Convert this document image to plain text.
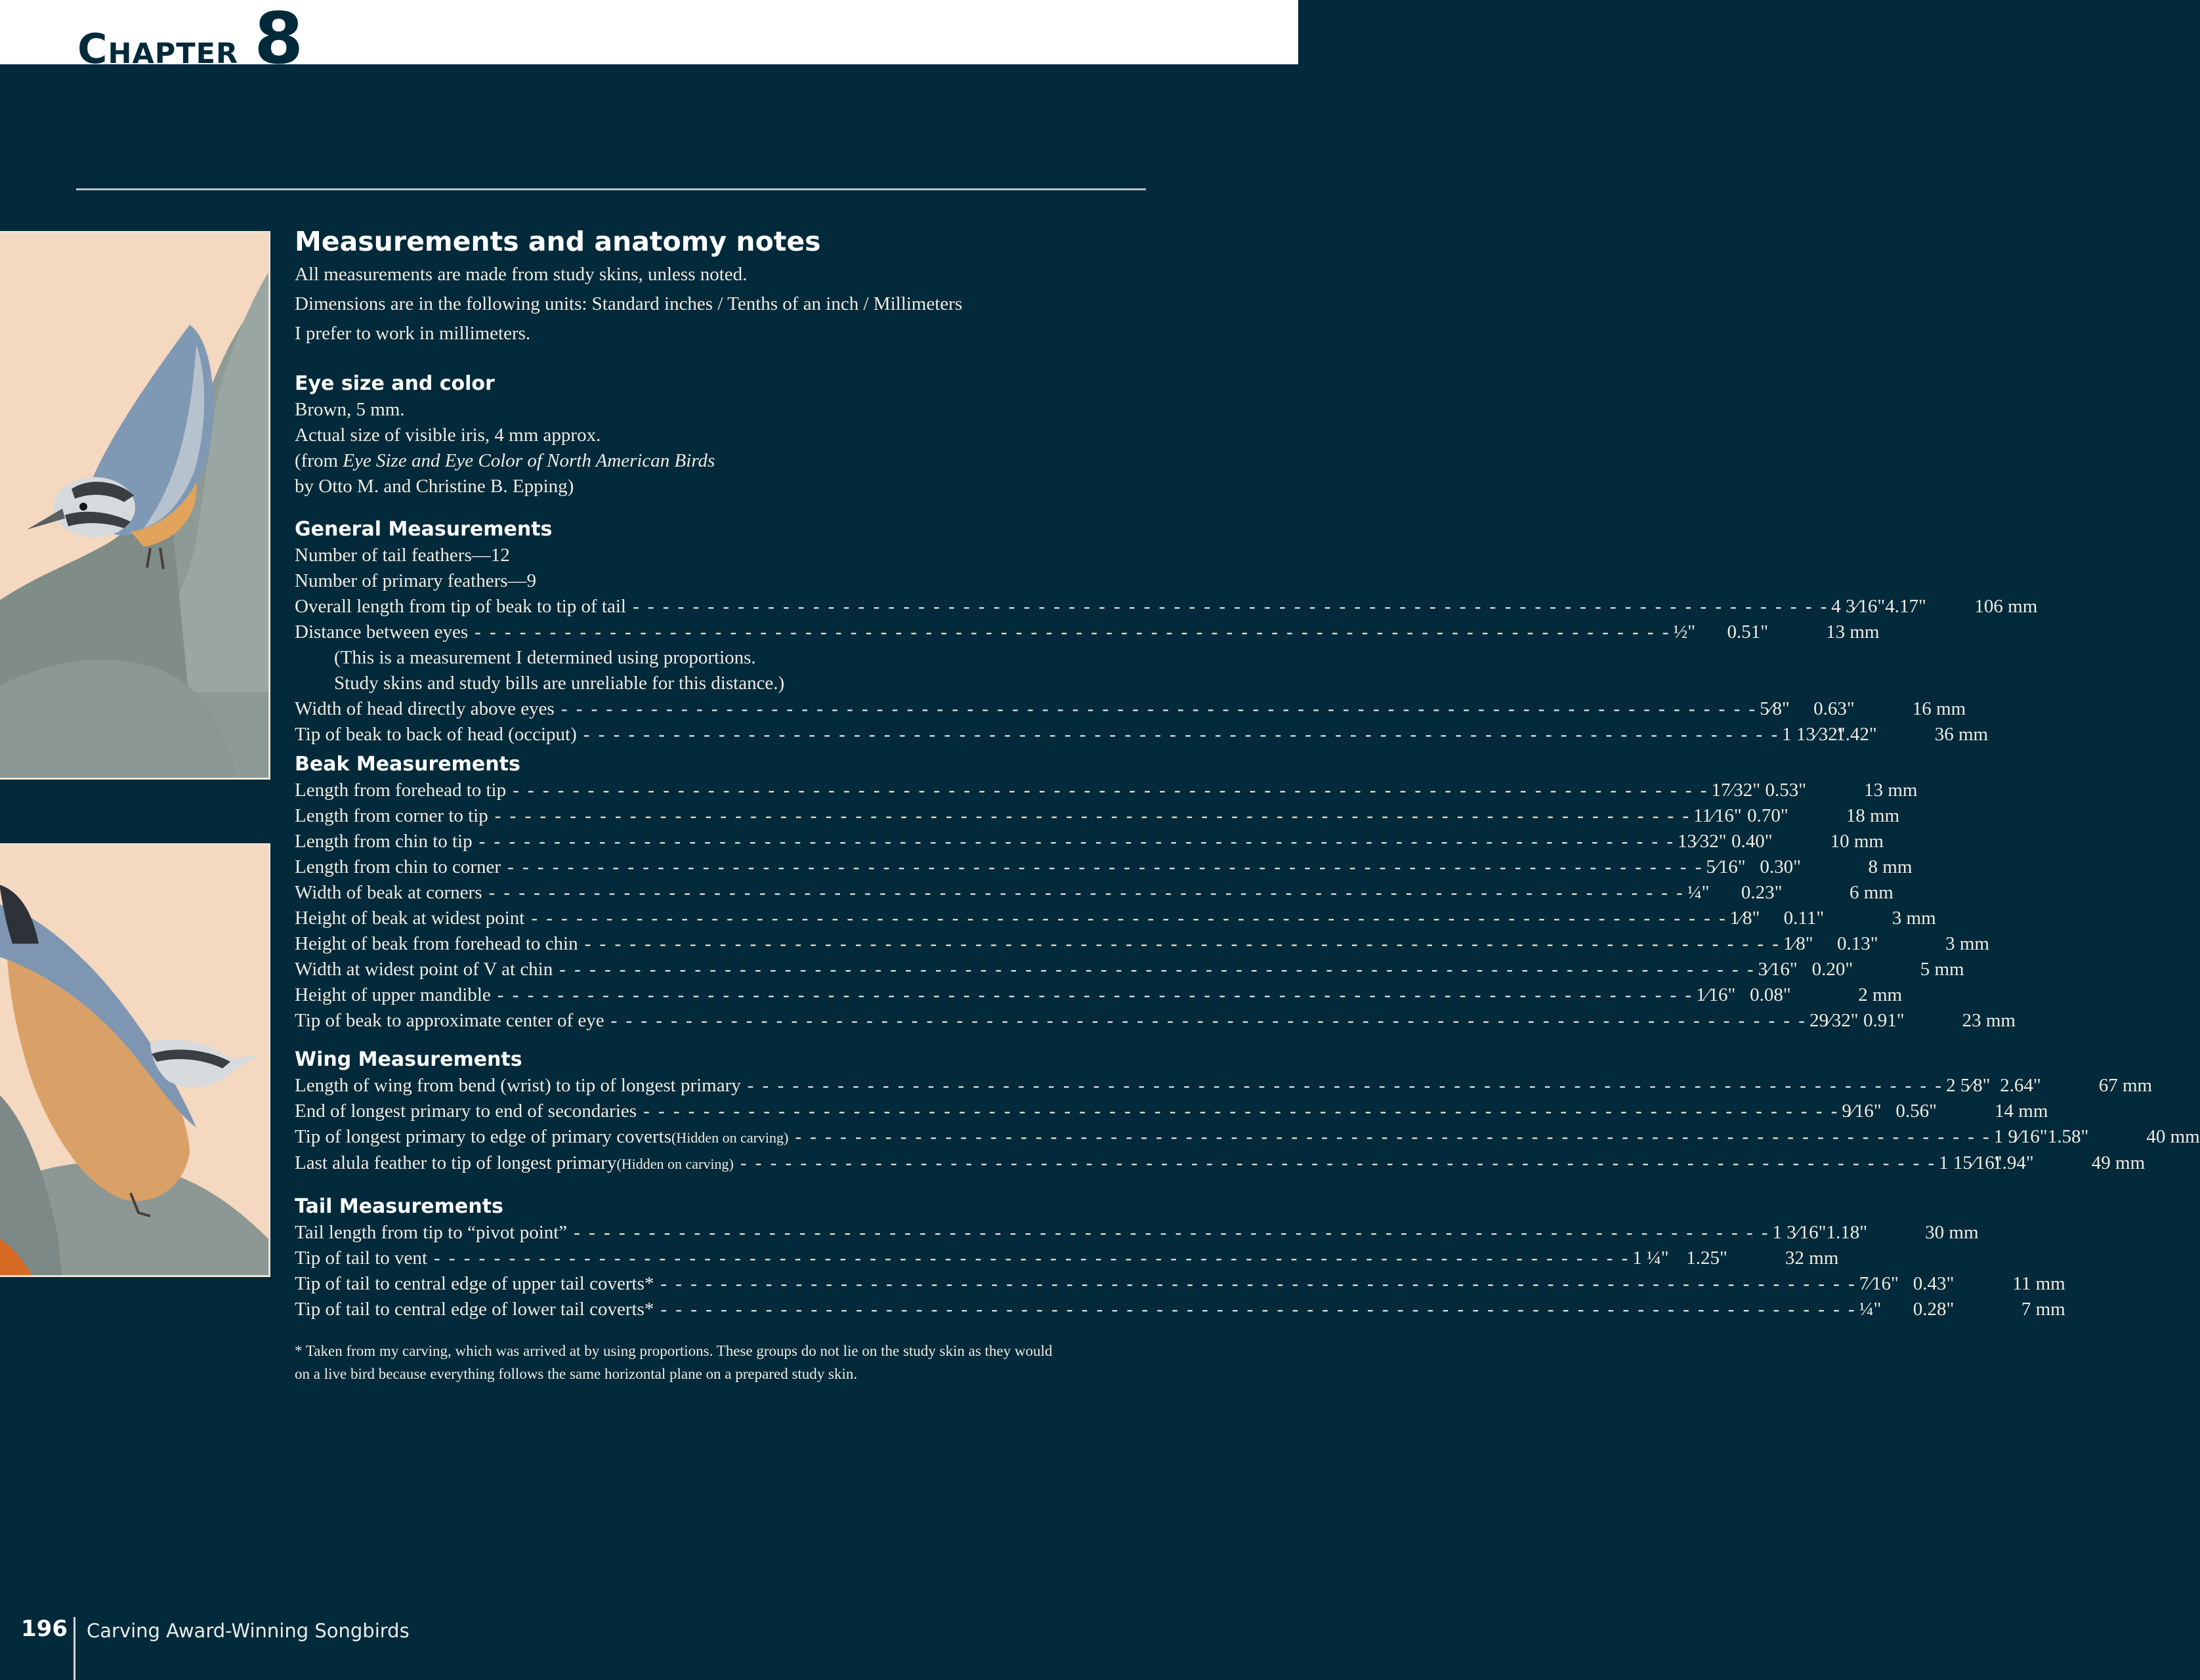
Chapter 8
Measurements and anatomy notes

All measurements are made from study skins, unless noted.

Dimensions are in the following units: Standard inches / Tenths of an inch / Millimeters

I prefer to work in millimeters.

Eye size and color

Brown, 5 mm.

Actual size of visible iris, 4 mm approx.

(from Eye Size and Eye Color of North American Birds

by Otto M. and Christine B. Epping)

General Measurements

Number of tail feathers—12

Number of primary feathers—9

Overall length from tip of beak to tip of tail - - - - - - - - - - - - - - - - - - - - - - - - - - - - - - - - - - - - - - - - - - - - - - - - - - - - - - - - - - - - - - - - - - - - - - - - - - - - - - - - 4 3⁄16"4.17"	106 mm
Distance between eyes - - - - - - - - - - - - - - - - - - - - - - - - - - - - - - - - - - - - - - - - - - - - - - - - - - - - - - - - - - - - - - - - - - - - - - - - - - - - - - - - ½" 0.51"	13 mm

(This is a measurement I determined using proportions.

Study skins and study bills are unreliable for this distance.)

Width of head directly above eyes - - - - - - - - - - - - - - - - - - - - - - - - - - - - - - - - - - - - - - - - - - - - - - - - - - - - - - - - - - - - - - - - - - - - - - - - - - - - - - - - 5⁄8" 0.63"	16 mm
Tip of beak to back of head (occiput) - - - - - - - - - - - - - - - - - - - - - - - - - - - - - - - - - - - - - - - - - - - - - - - - - - - - - - - - - - - - - - - - - - - - - - - - - - - - - - - - 1 13⁄32"1.42"	36 mm
Beak Measurements
Length from forehead to tip - - - - - - - - - - - - - - - - - - - - - - - - - - - - - - - - - - - - - - - - - - - - - - - - - - - - - - - - - - - - - - - - - - - - - - - - - - - - - - - - 17⁄32" 0.53"	13 mm
Length from corner to tip - - - - - - - - - - - - - - - - - - - - - - - - - - - - - - - - - - - - - - - - - - - - - - - - - - - - - - - - - - - - - - - - - - - - - - - - - - - - - - - - 11⁄16" 0.70"	18 mm
Length from chin to tip - - - - - - - - - - - - - - - - - - - - - - - - - - - - - - - - - - - - - - - - - - - - - - - - - - - - - - - - - - - - - - - - - - - - - - - - - - - - - - - - 13⁄32" 0.40"	10 mm
Length from chin to corner - - - - - - - - - - - - - - - - - - - - - - - - - - - - - - - - - - - - - - - - - - - - - - - - - - - - - - - - - - - - - - - - - - - - - - - - - - - - - - - - 5⁄16" 0.30"	8 mm
Width of beak at corners - - - - - - - - - - - - - - - - - - - - - - - - - - - - - - - - - - - - - - - - - - - - - - - - - - - - - - - - - - - - - - - - - - - - - - - - - - - - - - - - ¼" 0.23"	6 mm
Height of beak at widest point - - - - - - - - - - - - - - - - - - - - - - - - - - - - - - - - - - - - - - - - - - - - - - - - - - - - - - - - - - - - - - - - - - - - - - - - - - - - - - - - 1⁄8" 0.11"	3 mm
Height of beak from forehead to chin - - - - - - - - - - - - - - - - - - - - - - - - - - - - - - - - - - - - - - - - - - - - - - - - - - - - - - - - - - - - - - - - - - - - - - - - - - - - - - - - 1⁄8" 0.13"	3 mm
Width at widest point of V at chin - - - - - - - - - - - - - - - - - - - - - - - - - - - - - - - - - - - - - - - - - - - - - - - - - - - - - - - - - - - - - - - - - - - - - - - - - - - - - - - - 3⁄16" 0.20"	5 mm
Height of upper mandible - - - - - - - - - - - - - - - - - - - - - - - - - - - - - - - - - - - - - - - - - - - - - - - - - - - - - - - - - - - - - - - - - - - - - - - - - - - - - - - - 1⁄16" 0.08"	2 mm
Tip of beak to approximate center of eye - - - - - - - - - - - - - - - - - - - - - - - - - - - - - - - - - - - - - - - - - - - - - - - - - - - - - - - - - - - - - - - - - - - - - - - - - - - - - - - - 29⁄32" 0.91"	23 mm
Wing Measurements
Length of wing from bend (wrist) to tip of longest primary - - - - - - - - - - - - - - - - - - - - - - - - - - - - - - - - - - - - - - - - - - - - - - - - - - - - - - - - - - - - - - - - - - - - - - - - - - - - - - - - 2 5⁄8" 2.64"	67 mm
End of longest primary to end of secondaries - - - - - - - - - - - - - - - - - - - - - - - - - - - - - - - - - - - - - - - - - - - - - - - - - - - - - - - - - - - - - - - - - - - - - - - - - - - - - - - - 9⁄16" 0.56"	14 mm
Tip of longest primary to edge of primary coverts(Hidden on carving) - - - - - - - - - - - - - - - - - - - - - - - - - - - - - - - - - - - - - - - - - - - - - - - - - - - - - - - - - - - - - - - - - - - - - - - - - - - - - - - - 1 9⁄16"1.58"	40 mm
Last alula feather to tip of longest primary(Hidden on carving) - - - - - - - - - - - - - - - - - - - - - - - - - - - - - - - - - - - - - - - - - - - - - - - - - - - - - - - - - - - - - - - - - - - - - - - - - - - - - - - - 1 15⁄16"1.94"	49 mm
Tail Measurements
Tail length from tip to “pivot point” - - - - - - - - - - - - - - - - - - - - - - - - - - - - - - - - - - - - - - - - - - - - - - - - - - - - - - - - - - - - - - - - - - - - - - - - - - - - - - - - 1 3⁄16"1.18"	30 mm
Tip of tail to vent - - - - - - - - - - - - - - - - - - - - - - - - - - - - - - - - - - - - - - - - - - - - - - - - - - - - - - - - - - - - - - - - - - - - - - - - - - - - - - - - 1 ¼" 1.25"	32 mm
Tip of tail to central edge of upper tail coverts* - - - - - - - - - - - - - - - - - - - - - - - - - - - - - - - - - - - - - - - - - - - - - - - - - - - - - - - - - - - - - - - - - - - - - - - - - - - - - - - - 7⁄16" 0.43"	11 mm
Tip of tail to central edge of lower tail coverts* - - - - - - - - - - - - - - - - - - - - - - - - - - - - - - - - - - - - - - - - - - - - - - - - - - - - - - - - - - - - - - - - - - - - - - - - - - - - - - - - ¼" 0.28"	7 mm

* Taken from my carving, which was arrived at by using proportions. These groups do not lie on the study skin as they would

on a live bird because everything follows the same horizontal plane on a prepared study skin.

196 Carving Award-Winning Songbirds
